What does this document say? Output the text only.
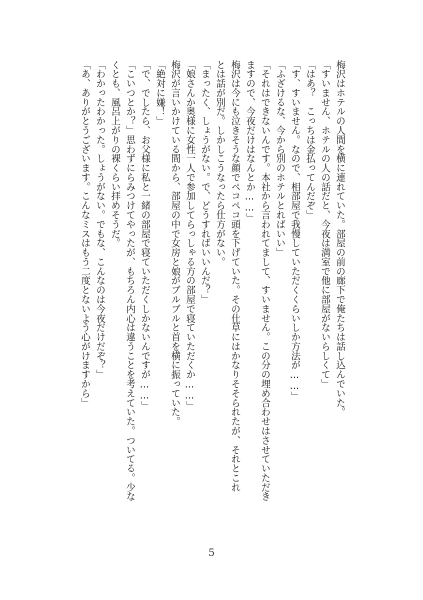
梅沢はホテルの人間を横に連れていた。部屋の前の廊下で俺たちは話し込んでいた。
「すいません、ホテルの人の話だと、今夜は満室で他に部屋がないらしくて」
「はあ？　こっちは金払ってんだぞ」
「す、すいません。なので、相部屋で我慢していただくくらいしか方法が……」
「ふざけるな、今から別のホテルとればいい」
「それはできないんです。本社から言われてまして、すいません。この分の埋め合わせはさせていただき
ますので、今夜だけはなんとか……」
梅沢は今にも泣きそうな顔でペコペコ頭を下げていた。その仕草にはかなりそそられたが、それとこれ
とは話が別だ。しかしこうなったら仕方がない。
「まったく、しょうがない。で、どうすればいいんだ？」
「娘さんか奥様に女性一人で参加してらっしゃる方の部屋で寝ていただくか……」
梅沢が言いかけている間から、部屋の中で女房と娘がブルブルと首を横に振っていた。
「絶対に嫌！」
「で、でしたら、お父様に私と一緒の部屋で寝ていただくしかないんですが……」
「こいつとか？」思わずにらみつけてやったが、もちろん内心は違うことを考えていた。ついてる。少な
くとも、風呂上がりの裸くらい拝めそうだ。
「わかったわかった。しょうがない。でもな、こんなのは今夜だけだぞ？」
「あ、ありがとうございます。こんなミスはもう二度とないよう心がけますから」
5
